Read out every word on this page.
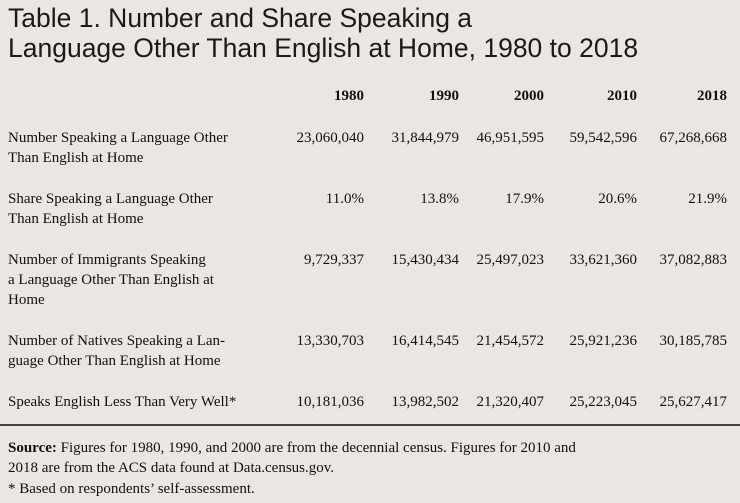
Table 1. Number and Share Speaking a
Language Other Than English at Home, 1980 to 2018
1980	1990	2000	2010	2018
Number Speaking a Language Other
Than English at Home
23,060,040	31,844,979	46,951,595	59,542,596	67,268,668
Share Speaking a Language Other
Than English at Home
11.0%	13.8%	17.9%	20.6%	21.9%
Number of Immigrants Speaking
a Language Other Than English at
Home
9,729,337	15,430,434	25,497,023	33,621,360	37,082,883
Number of Natives Speaking a Lan-
guage Other Than English at Home
13,330,703	16,414,545	21,454,572	25,921,236	30,185,785
Speaks English Less Than Very Well*	10,181,036	13,982,502	21,320,407	25,223,045	25,627,417
Source: Figures for 1980, 1990, and 2000 are from the decennial census. Figures for 2010 and
2018 are from the ACS data found at Data.census.gov.
* Based on respondents’ self-assessment.
